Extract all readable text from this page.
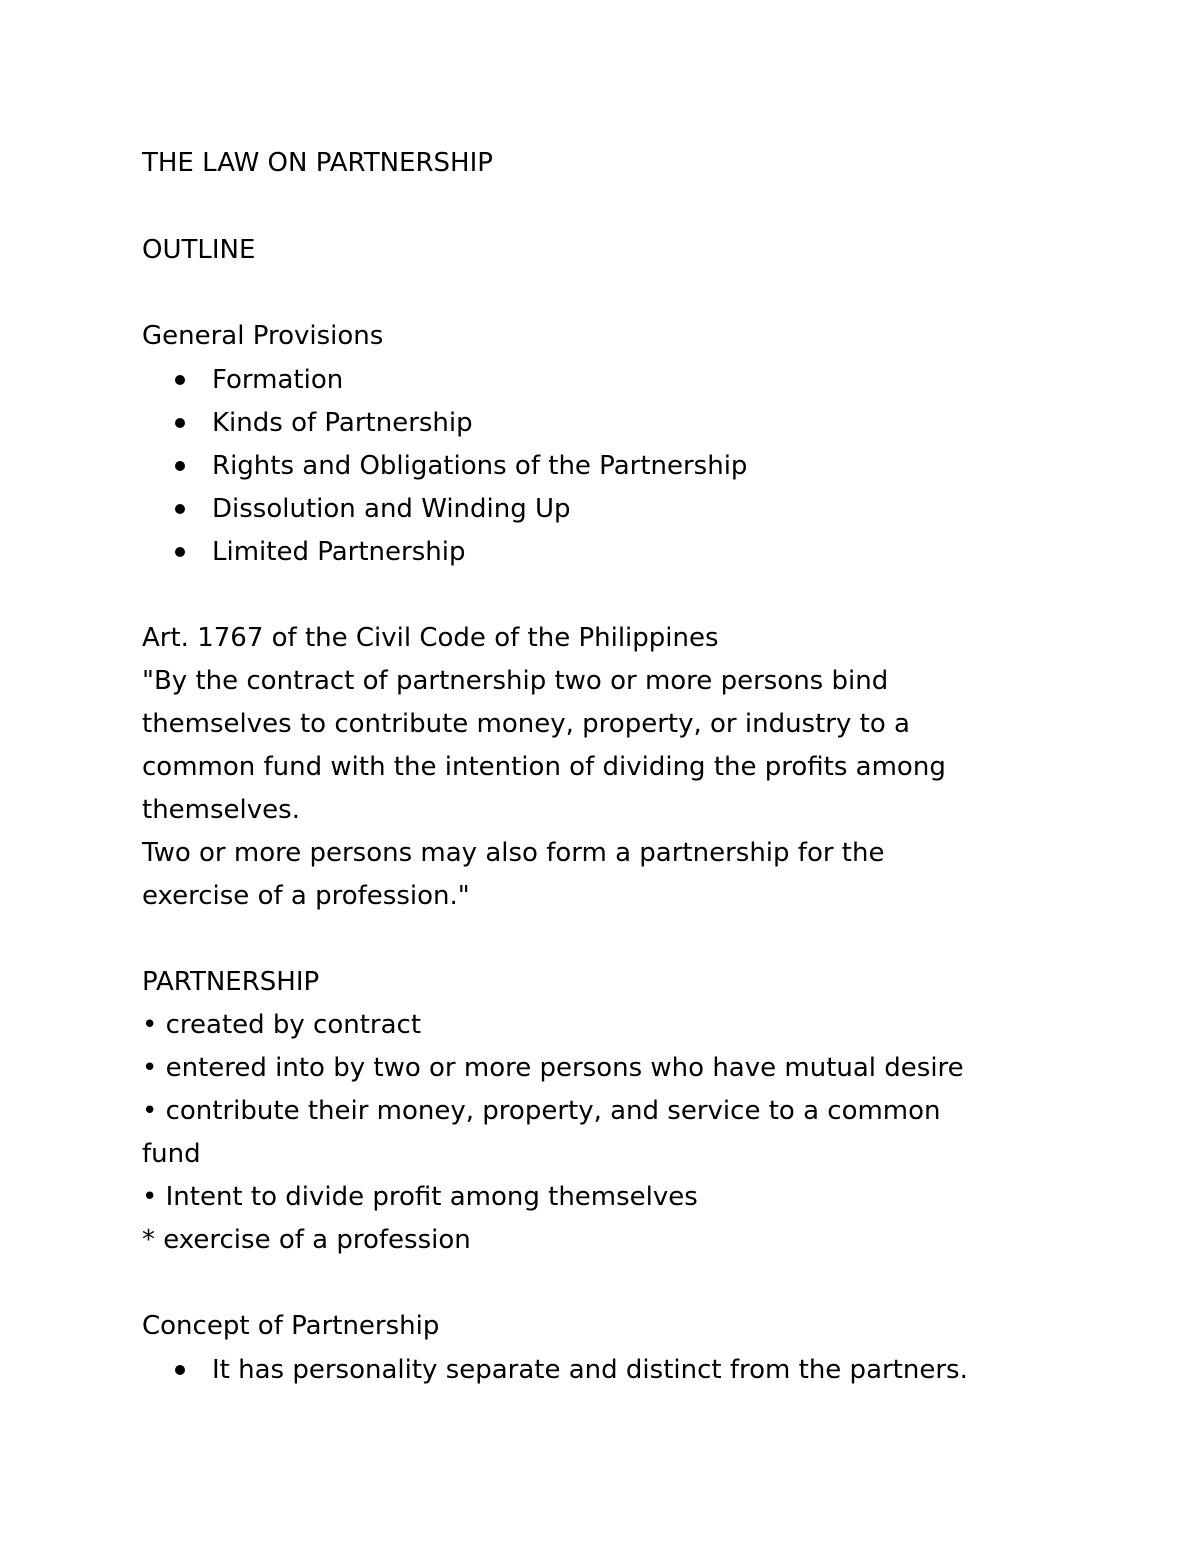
THE LAW ON PARTNERSHIP
OUTLINE
General Provisions
Formation
Kinds of Partnership
Rights and Obligations of the Partnership
Dissolution and Winding Up
Limited Partnership
Art. 1767 of the Civil Code of the Philippines
"By the contract of partnership two or more persons bind
themselves to contribute money, property, or industry to a
common fund with the intention of dividing the profits among
themselves.
Two or more persons may also form a partnership for the
exercise of a profession."
PARTNERSHIP
• created by contract
• entered into by two or more persons who have mutual desire
• contribute their money, property, and service to a common
fund
• Intent to divide profit among themselves
* exercise of a profession
Concept of Partnership
It has personality separate and distinct from the partners.
